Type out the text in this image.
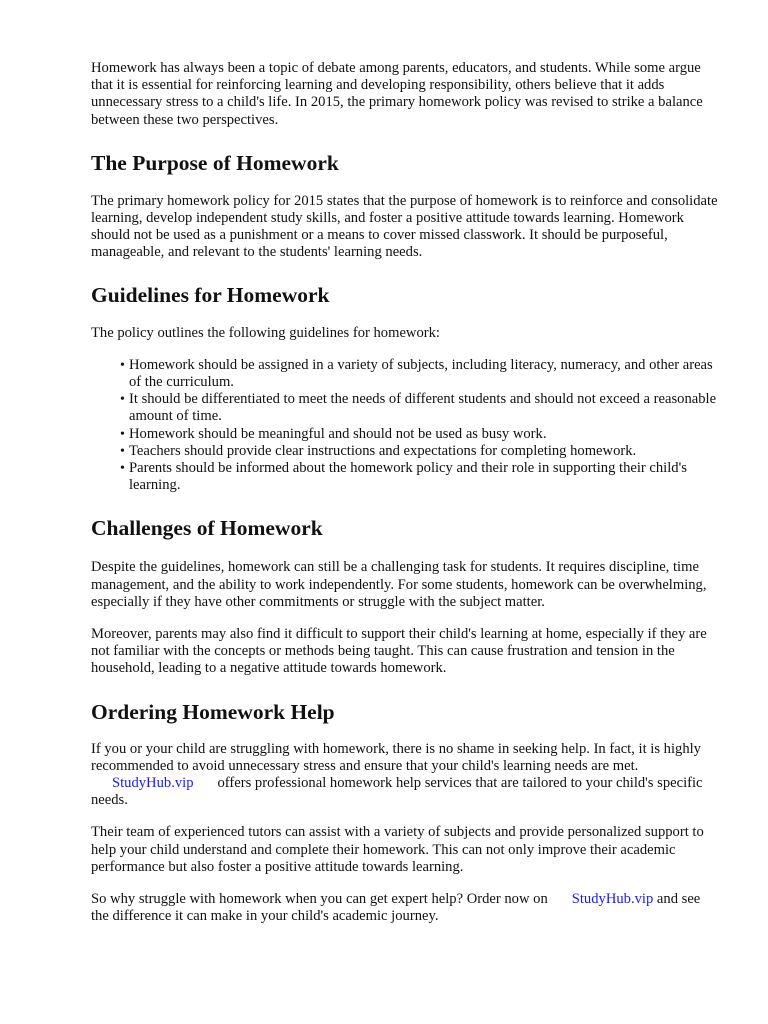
Homework has always been a topic of debate among parents, educators, and students. While some argue that it is essential for reinforcing learning and developing responsibility, others believe that it adds unnecessary stress to a child's life. In 2015, the primary homework policy was revised to strike a balance between these two perspectives.

The Purpose of Homework

The primary homework policy for 2015 states that the purpose of homework is to reinforce and consolidate learning, develop independent study skills, and foster a positive attitude towards learning. Homework should not be used as a punishment or a means to cover missed classwork. It should be purposeful, manageable, and relevant to the students' learning needs.

Guidelines for Homework

The policy outlines the following guidelines for homework:

• Homework should be assigned in a variety of subjects, including literacy, numeracy, and other areas of the curriculum.
• It should be differentiated to meet the needs of different students and should not exceed a reasonable amount of time.
• Homework should be meaningful and should not be used as busy work.
• Teachers should provide clear instructions and expectations for completing homework.
• Parents should be informed about the homework policy and their role in supporting their child's learning.
Challenges of Homework

Despite the guidelines, homework can still be a challenging task for students. It requires discipline, time management, and the ability to work independently. For some students, homework can be overwhelming, especially if they have other commitments or struggle with the subject matter.

Moreover, parents may also find it difficult to support their child's learning at home, especially if they are not familiar with the concepts or methods being taught. This can cause frustration and tension in the household, leading to a negative attitude towards homework.

Ordering Homework Help

If you or your child are struggling with homework, there is no shame in seeking help. In fact, it is highly recommended to avoid unnecessary stress and ensure that your child's learning needs are met. StudyHub.vip offers professional homework help services that are tailored to your child's specific needs.

Their team of experienced tutors can assist with a variety of subjects and provide personalized support to help your child understand and complete their homework. This can not only improve their academic performance but also foster a positive attitude towards learning.

So why struggle with homework when you can get expert help? Order now on StudyHub.vip and see the difference it can make in your child's academic journey.
